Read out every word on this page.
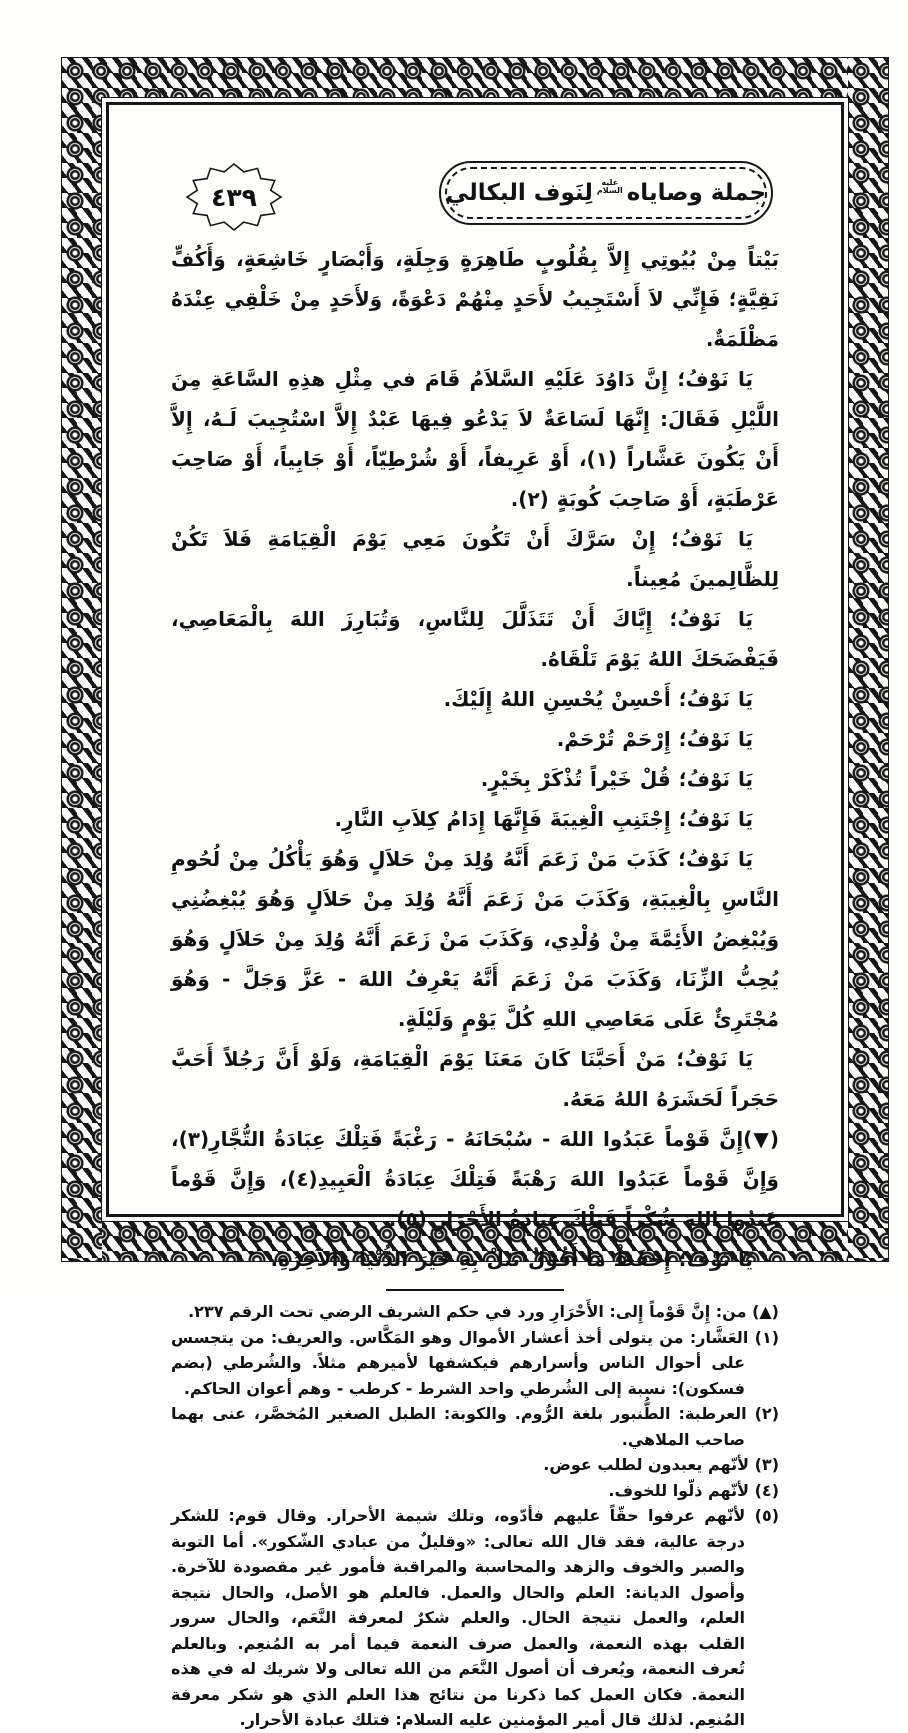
٤٣٩	جملة وصاياه
عليه
السلام
لِنَوف البكالي

بَيْتاً مِنْ بُيُوتِي إِلاَّ بِقُلُوبٍ طَاهِرَةٍ وَجِلَةٍ، وَأَبْصَارٍ خَاشِعَةٍ، وَأَكُفٍّ نَقِيَّةٍ؛ فَإِنِّي لاَ أَسْتَجِيبُ لأَحَدٍ مِنْهُمْ دَعْوَةً، وَلأَحَدٍ مِنْ خَلْقِي عِنْدَهُ مَظْلَمَةٌ.

يَا نَوْفُ؛ إِنَّ دَاوُدَ عَلَيْهِ السَّلاَمُ قَامَ في مِثْلِ هذِهِ السَّاعَةِ مِنَ اللَّيْلِ فَقَالَ: إِنَّهَا لَسَاعَةٌ لاَ يَدْعُو فِيهَا عَبْدٌ إِلاَّ اسْتُجِيبَ لَـهُ، إِلاَّ أَنْ يَكُونَ عَشَّاراً (١)، أَوْ عَرِيفاً، أَوْ شُرْطِيّاً، أَوْ جَابِياً، أَوْ صَاحِبَ عَرْطَبَةٍ، أَوْ صَاحِبَ كُوبَةٍ (٢).

يَا نَوْفُ؛ إِنْ سَرَّكَ أَنْ تَكُونَ مَعِي يَوْمَ الْقِيَامَةِ فَلاَ تَكُنْ لِلظَّالِمينَ مُعِيناً.

يَا نَوْفُ؛ إِيَّاكَ أَنْ تَتَذَلَّلَ لِلنَّاسِ، وَتُبَارِزَ اللهَ بِالْمَعَاصِي، فَيَفْضَحَكَ اللهُ يَوْمَ تَلْقَاهُ.

يَا نَوْفُ؛ أَحْسِنْ يُحْسِنِ اللهُ إِلَيْكَ.

يَا نَوْفُ؛ إِرْحَمْ تُرْحَمْ.

يَا نَوْفُ؛ قُلْ خَيْراً تُذْكَرْ بِخَيْرٍ.

يَا نَوْفُ؛ إِجْتَنِبِ الْغِيبَةَ فَإِنَّهَا إِدَامُ كِلاَبِ النَّارِ.

يَا نَوْفُ؛ كَذَبَ مَنْ زَعَمَ أَنَّهُ وُلِدَ مِنْ حَلاَلٍ وَهُوَ يَأْكُلُ مِنْ لُحُومِ النَّاسِ بِالْغِيبَةِ، وَكَذَبَ مَنْ زَعَمَ أَنَّهُ وُلِدَ مِنْ حَلاَلٍ وَهُوَ يُبْغِضُنِي وَيُبْغِضُ الأَئِمَّةَ مِنْ وُلْدِي، وَكَذَبَ مَنْ زَعَمَ أَنَّهُ وُلِدَ مِنْ حَلاَلٍ وَهُوَ يُحِبُّ الزِّنَا، وَكَذَبَ مَنْ زَعَمَ أَنَّهُ يَعْرِفُ اللهَ - عَزَّ وَجَلَّ - وَهُوَ مُجْتَرِئٌ عَلَى مَعَاصِي اللهِ كُلَّ يَوْمٍ وَلَيْلَةٍ.

يَا نَوْفُ؛ مَنْ أَحَبَّنَا كَانَ مَعَنَا يَوْمَ الْقِيَامَةِ، وَلَوْ أَنَّ رَجُلاً أَحَبَّ حَجَراً لَحَشَرَهُ اللهُ مَعَهُ.

(▼)إِنَّ قَوْماً عَبَدُوا اللهَ - سُبْحَانَهُ - رَغْبَةً فَتِلْكَ عِبَادَةُ التُّجَّارِ(٣)، وَإِنَّ قَوْماً عَبَدُوا اللهَ رَهْبَةً فَتِلْكَ عِبَادَةُ الْعَبِيدِ(٤)، وَإِنَّ قَوْماً عَبَدُوا اللهَ شُكْراً فَتِلْكَ عِبَادَةُ الأَحْرَارِ (٥).

يَا نَوْفُ؛ إِحْفَظْ مَا أَقُولُ تَنَلْ بِهِ خَيْرَ الدُّنْيَا وَالآخِرَةِ.

(▲) من: إِنَّ قَوْماً إِلى: الأَحْرَارِ ورد في حكم الشريف الرضي تحت الرقم ٢٣٧.

(١) العَشَّار: من يتولى أخذ أعشار الأموال وهو المَكَّاس. والعريف: من يتجسس على أحوال الناس وأسرارهم فيكشفها لأميرهم مثلاً. والشُرطي (بضم فسكون): نسبة إلى الشُرطي واحد الشرط - كرطب - وهم أعوان الحاكم.

(٢) العرطبة: الطُّنبور بلغة الرُّوم. والكوبة: الطبل الصغير المُخصَّر، عنى بهما صاحب الملاهي.

(٣) لأنّهم يعبدون لطلب عوض.

(٤) لأنّهم ذلّوا للخوف.

(٥) لأنّهم عرفوا حقّاً عليهم فأدّوه، وتلك شيمة الأحرار. وقال قوم: للشكر درجة عالية، فقد قال الله تعالى: «وقليلٌ من عبادي الشّكور». أما التوبة والصبر والخوف والزهد والمحاسبة والمراقبة فأمور غير مقصودة للآخرة. وأصول الديانة: العلم والحال والعمل. فالعلم هو الأصل، والحال نتيجة العلم، والعمل نتيجة الحال. والعلم شكرٌ لمعرفة النَّعَم، والحال سرور القلب بهذه النعمة، والعمل صرف النعمة فيما أمر به المُنعِم. وبالعلم تُعرف النعمة، ويُعرف أن أصول النَّعَم من الله تعالى ولا شريك له في هذه النعمة. فكان العمل كما ذكرنا من نتائج هذا العلم الذي هو شكر معرفة المُنعِم. لذلك قال أمير المؤمنين عليه السلام: فتلك عبادة الأحرار.
